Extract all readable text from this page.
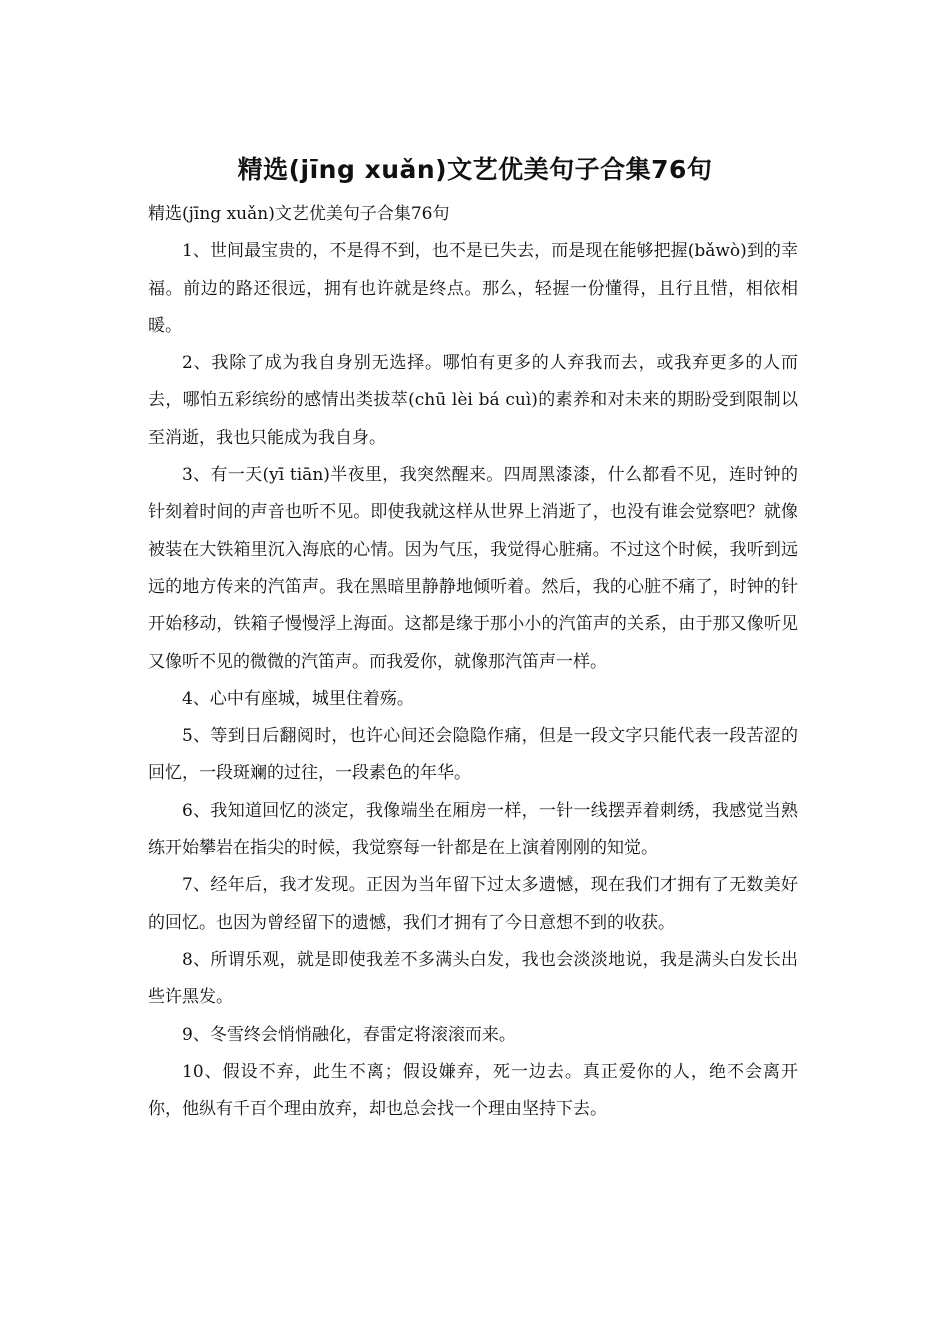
精选(jīng xuǎn)文艺优美句子合集76句

精选(jīng xuǎn)文艺优美句子合集76句

1、世间最宝贵的，不是得不到，也不是已失去，而是现在能够把握(bǎwò)到的幸福。前边的路还很远，拥有也许就是终点。那么，轻握一份懂得，且行且惜，相依相暖。

2、我除了成为我自身别无选择。哪怕有更多的人弃我而去，或我弃更多的人而去，哪怕五彩缤纷的感情出类拔萃(chū lèi bá cuì)的素养和对未来的期盼受到限制以至消逝，我也只能成为我自身。

3、有一天(yī tiān)半夜里，我突然醒来。四周黑漆漆，什么都看不见，连时钟的针刻着时间的声音也听不见。即使我就这样从世界上消逝了，也没有谁会觉察吧？就像被装在大铁箱里沉入海底的心情。因为气压，我觉得心脏痛。不过这个时候，我听到远远的地方传来的汽笛声。我在黑暗里静静地倾听着。然后，我的心脏不痛了，时钟的针开始移动，铁箱子慢慢浮上海面。这都是缘于那小小的汽笛声的关系，由于那又像听见又像听不见的微微的汽笛声。而我爱你，就像那汽笛声一样。

4、心中有座城，城里住着殇。

5、等到日后翻阅时，也许心间还会隐隐作痛，但是一段文字只能代表一段苦涩的回忆，一段斑斓的过往，一段素色的年华。

6、我知道回忆的淡定，我像端坐在厢房一样，一针一线摆弄着刺绣，我感觉当熟练开始攀岩在指尖的时候，我觉察每一针都是在上演着刚刚的知觉。

7、经年后，我才发现。正因为当年留下过太多遗憾，现在我们才拥有了无数美好的回忆。也因为曾经留下的遗憾，我们才拥有了今日意想不到的收获。

8、所谓乐观，就是即使我差不多满头白发，我也会淡淡地说，我是满头白发长出些许黑发。

9、冬雪终会悄悄融化，春雷定将滚滚而来。

10、假设不弃，此生不离；假设嫌弃，死一边去。真正爱你的人，绝不会离开你，他纵有千百个理由放弃，却也总会找一个理由坚持下去。
